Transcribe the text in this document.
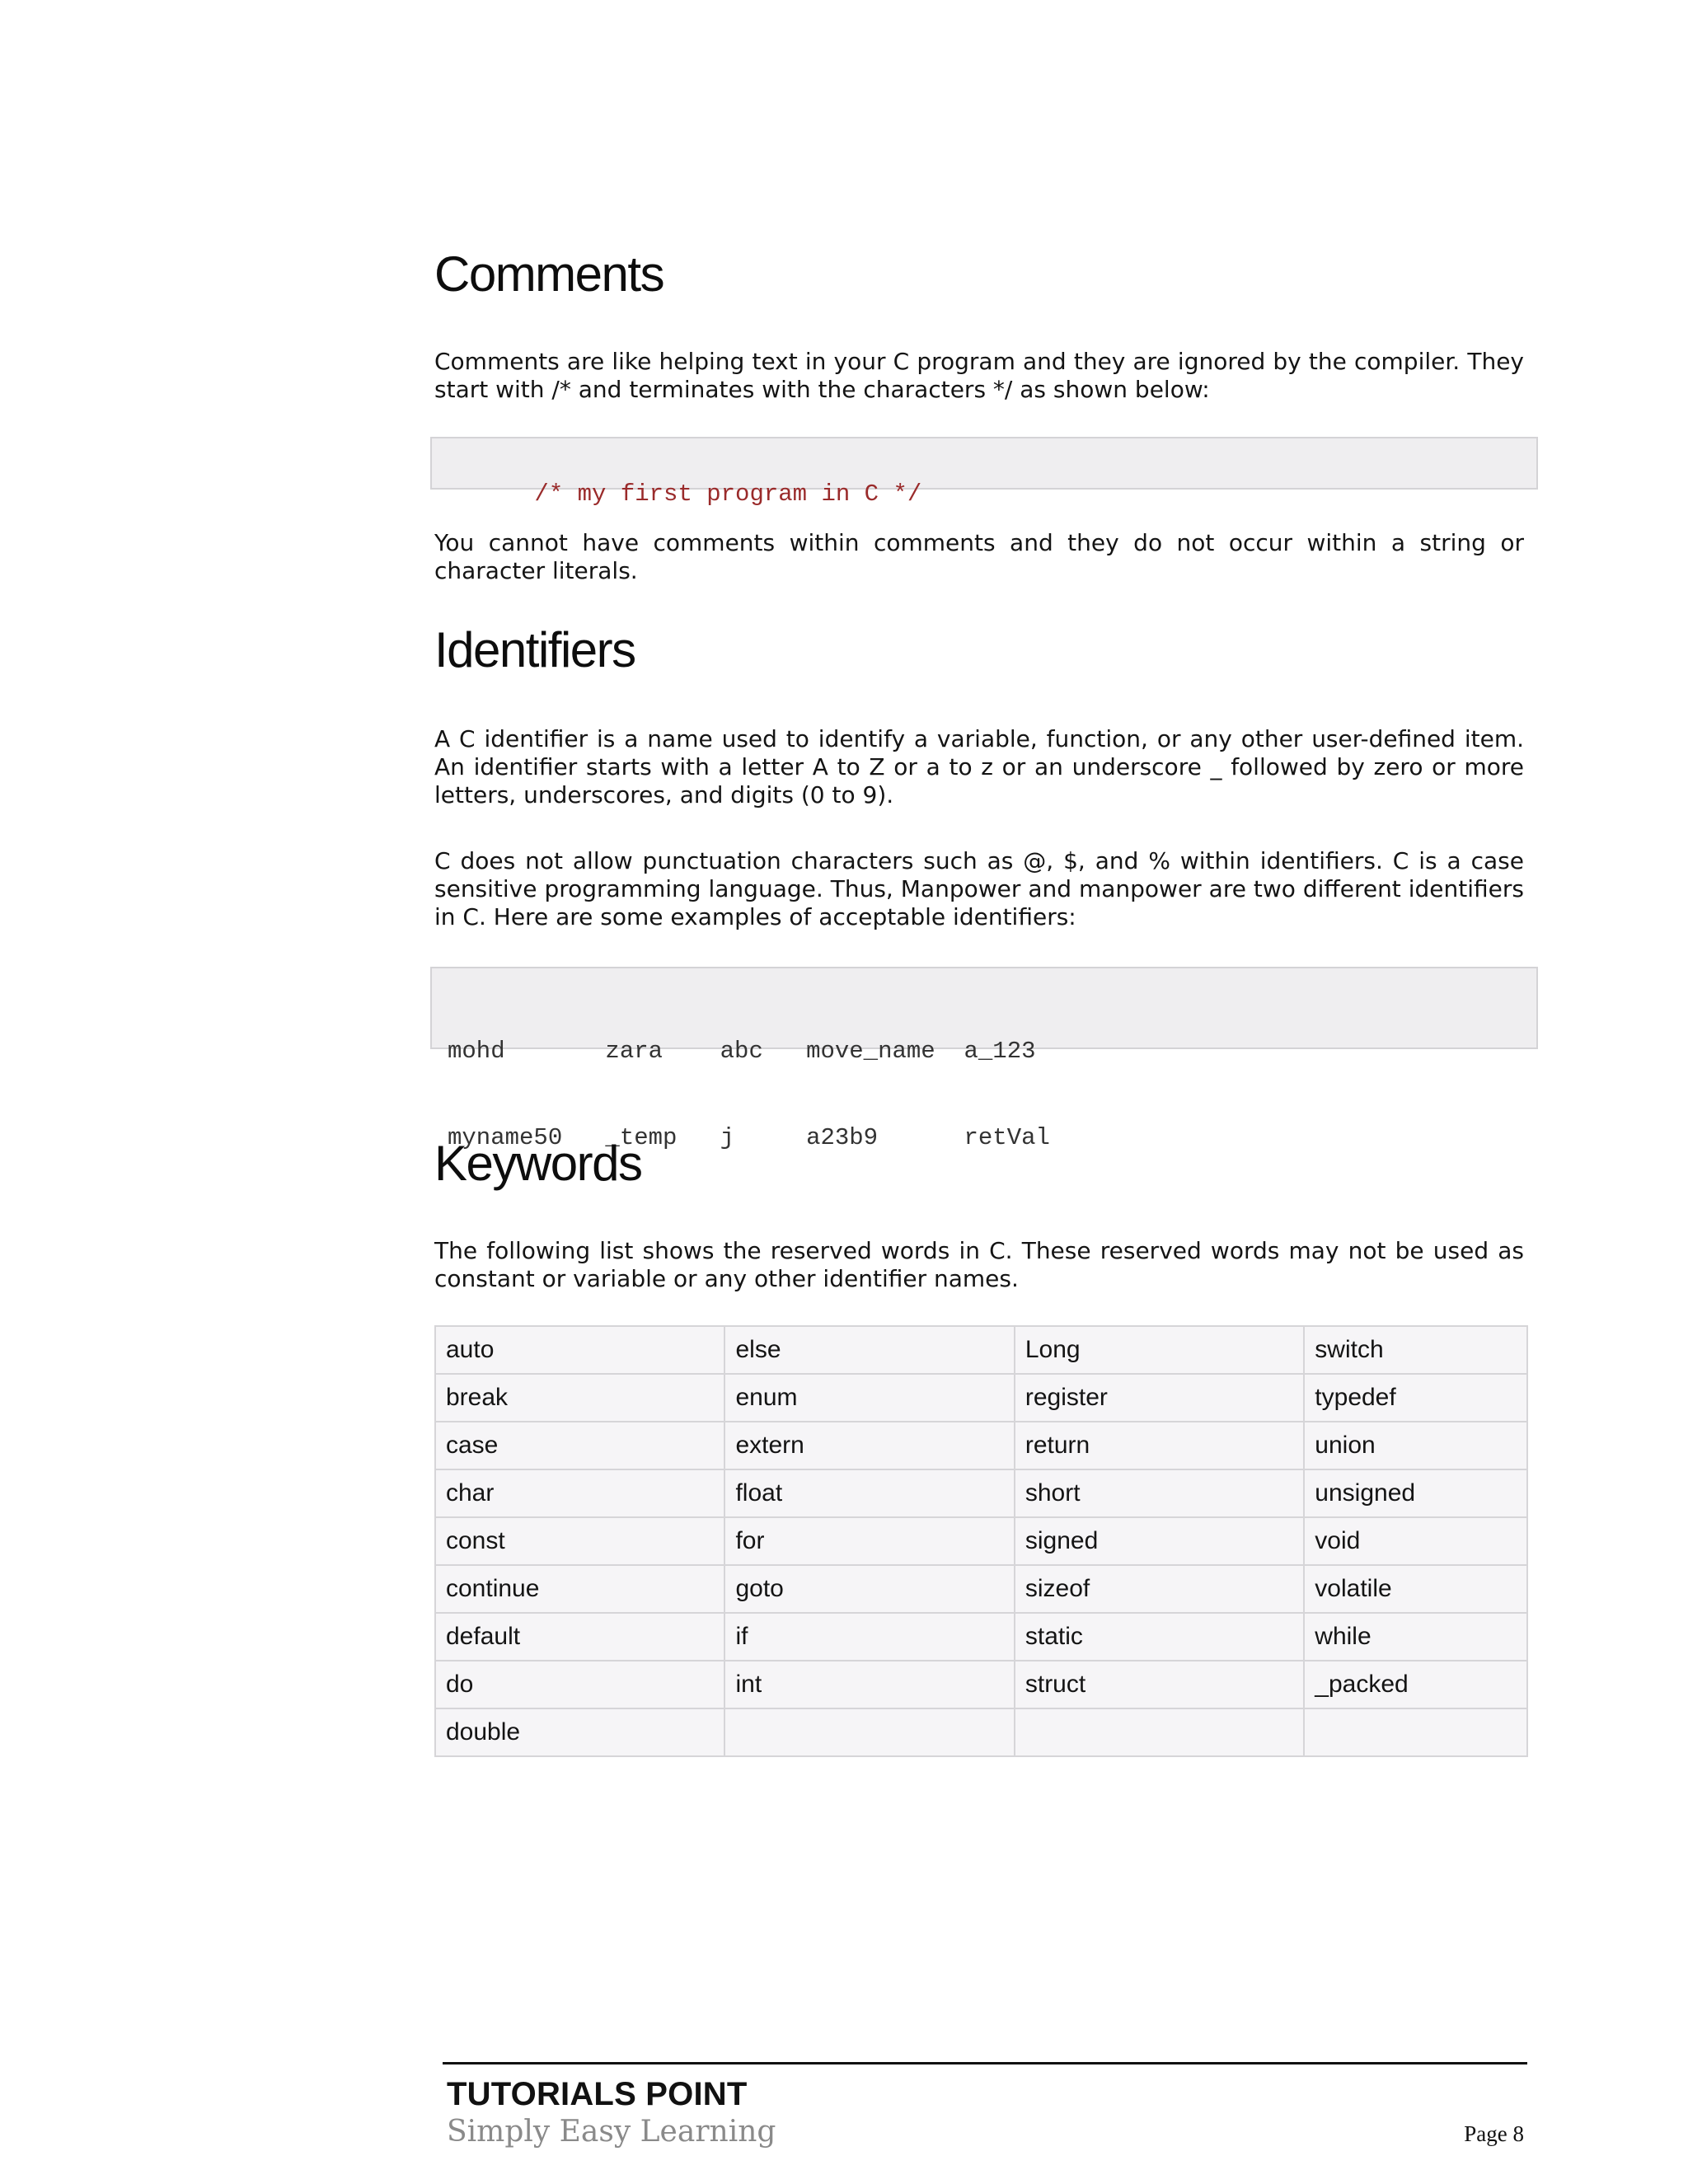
Comments

Comments are like helping text in your C program and they are ignored by the compiler. They start with /* and terminates with the characters */ as shown below:

/* my first program in C */

You cannot have comments within comments and they do not occur within a string or character literals.

Identifiers

A C identifier is a name used to identify a variable, function, or any other user-defined item. An identifier starts with a letter A to Z or a to z or an underscore _ followed by zero or more letters, underscores, and digits (0 to 9).

C does not allow punctuation characters such as @, $, and % within identifiers. C is a case sensitive programming language. Thus, Manpower and manpower are two different identifiers in C. Here are some examples of acceptable identifiers:

mohd       zara    abc   move_name  a_123

myname50   _temp   j     a23b9      retVal

Keywords

The following list shows the reserved words in C. These reserved words may not be used as constant or variable or any other identifier names.

auto	else	Long	switch
break	enum	register	typedef
case	extern	return	union
char	float	short	unsigned
const	for	signed	void
continue	goto	sizeof	volatile
default	if	static	while
do	int	struct	_packed
double			
TUTORIALS POINT
Simply Easy Learning	Page 8
